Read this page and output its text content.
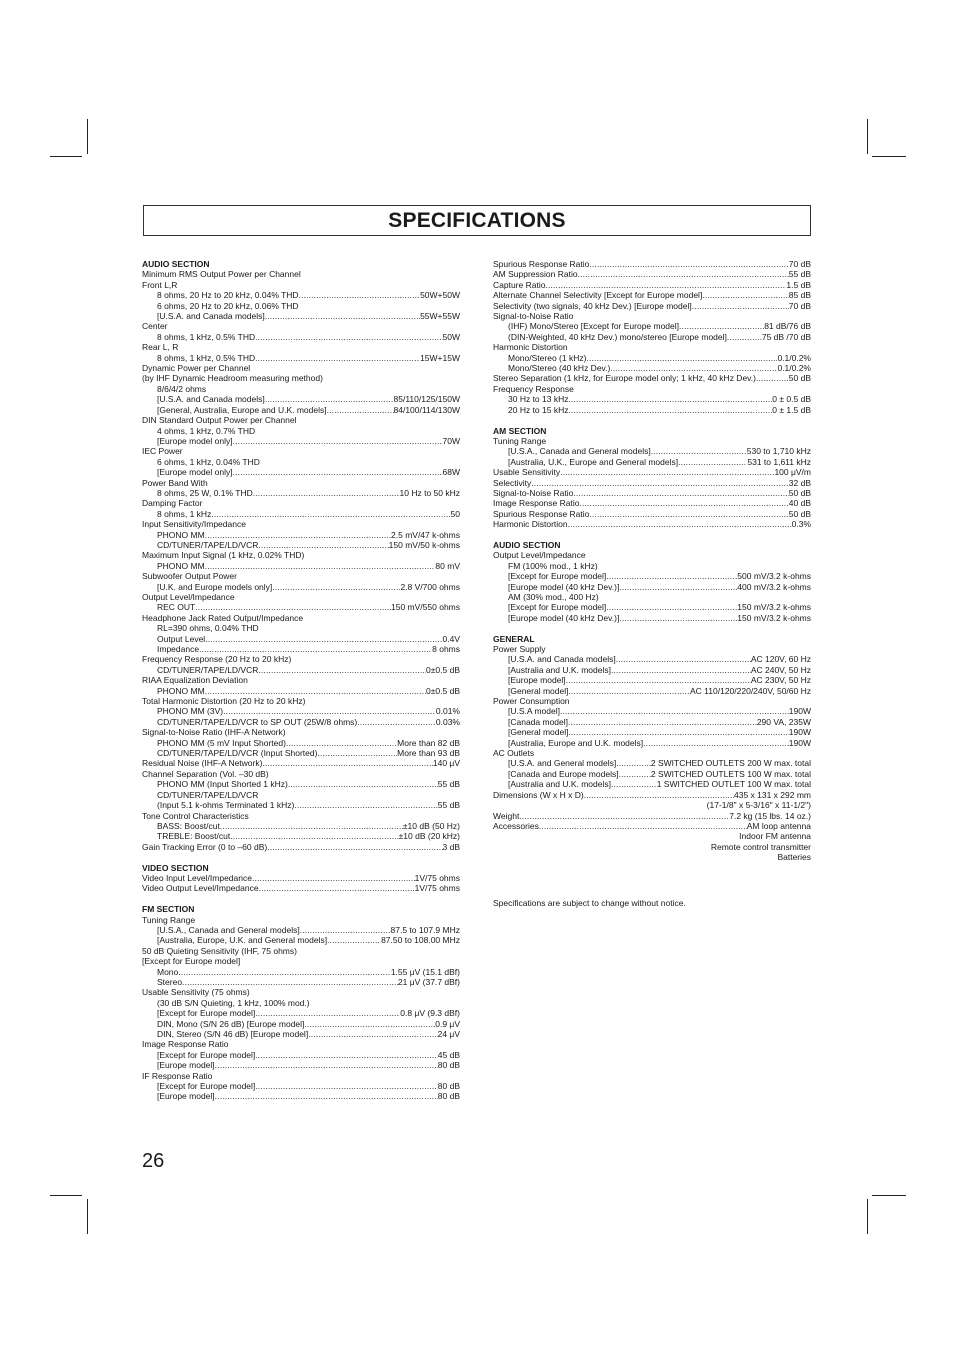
SPECIFICATIONS
AUDIO SECTION
Minimum RMS Output Power per Channel
Front L,R
8 ohms, 20 Hz to 20 kHz, 0.04% THD . . .	50W+50W
6 ohms, 20 Hz to 20 kHz, 0.06% THD
[U.S.A. and Canada models] . . .	55W+55W
Center
8 ohms, 1 kHz, 0.5% THD . . .	50W
Rear L, R
8 ohms, 1 kHz, 0.5% THD . . .	15W+15W
Dynamic Power per Channel
(by IHF Dynamic Headroom measuring method)
8/6/4/2 ohms
[U.S.A. and Canada models] . . .	85/110/125/150W
[General, Australia, Europe and U.K. models] . . .	84/100/114/130W
DIN Standard Output Power per Channel
4 ohms, 1 kHz, 0.7% THD
[Europe model only] . . .	70W
IEC Power
6 ohms, 1 kHz, 0.04% THD
[Europe model only] . . .	68W
Power Band With
8 ohms, 25 W, 0.1% THD . . .	10 Hz to 50 kHz
Damping Factor
8 ohms, 1 kHz . . .	50
Input Sensitivity/Impedance
PHONO MM . . .	2.5 mV/47 k-ohms
CD/TUNER/TAPE/LD/VCR . . .	150 mV/50 k-ohms
Maximum Input Signal (1 kHz, 0.02% THD)
PHONO MM . . .	80 mV
Subwoofer Output Power
[U.K. and Europe models only] . . .	2.8 V/700 ohms
Output Level/Impedance
REC OUT . . .	150 mV/550 ohms
Headphone Jack Rated Output/Impedance
RL=390 ohms, 0.04% THD
Output Level . . .	0.4V
Impedance . . .	8 ohms
Frequency Response (20 Hz to 20 kHz)
CD/TUNER/TAPE/LD/VCR . . .	0±0.5 dB
RIAA Equalization Deviation
PHONO MM . . .	0±0.5 dB
Total Harmonic Distortion (20 Hz to 20 kHz)
PHONO MM (3V) . . .	0.01%
CD/TUNER/TAPE/LD/VCR to SP OUT (25W/8 ohms) . . .	0.03%
Signal-to-Noise Ratio (IHF-A Network)
PHONO MM (5 mV Input Shorted) . . .	More than 82 dB
CD/TUNER/TAPE/LD/VCR (Input Shorted) . . .	More than 93 dB
Residual Noise (IHF-A Network) . . .	140 μV
Channel Separation (Vol. –30 dB)
PHONO MM (Input Shorted 1 kHz) . . .	55 dB
CD/TUNER/TAPE/LD/VCR
(Input 5.1 k-ohms Terminated 1 kHz) . . .	55 dB
Tone Control Characteristics
BASS: Boost/cut . . .	±10 dB (50 Hz)
TREBLE: Boost/cut . . .	±10 dB (20 kHz)
Gain Tracking Error (0 to –60 dB) . . .	3 dB
VIDEO SECTION
Video Input Level/Impedance . . .	1V/75 ohms
Video Output Level/Impedance . . .	1V/75 ohms
FM SECTION
Tuning Range
[U.S.A., Canada and General models] . . .	87.5 to 107.9 MHz
[Australia, Europe, U.K. and General models] . . .	87.50 to 108.00 MHz
50 dB Quieting Sensitivity (IHF, 75 ohms)
[Except for Europe model]
Mono . . .	1.55 μV (15.1 dBf)
Stereo . . .	21 μV (37.7 dBf)
Usable Sensitivity (75 ohms)
(30 dB S/N Quieting, 1 kHz, 100% mod.)
[Except for Europe model] . . .	0.8 μV (9.3 dBf)
DIN, Mono (S/N 26 dB) [Europe model] . . .	0.9 μV
DIN, Stereo (S/N 46 dB) [Europe model] . . .	24 μV
Image Response Ratio
[Except for Europe model] . . .	45 dB
[Europe model] . . .	80 dB
IF Response Ratio
[Except for Europe model] . . .	80 dB
[Europe model] . . .	80 dB
Spurious Response Ratio . . .	70 dB
AM Suppression Ratio . . .	55 dB
Capture Ratio . . .	1.5 dB
Alternate Channel Selectivity [Except for Europe model] . . .	85 dB
Selectivity (two signals, 40 kHz Dev.) [Europe model] . . .	70 dB
Signal-to-Noise Ratio
(IHF) Mono/Stereo [Except for Europe model] . . .	81 dB/76 dB
(DIN-Weighted, 40 kHz Dev.) mono/stereo [Europe model] . . .	75 dB /70 dB
Harmonic Distortion
Mono/Stereo (1 kHz) . . .	0.1/0.2%
Mono/Stereo (40 kHz Dev.) . . .	0.1/0.2%
Stereo Separation (1 kHz, for Europe model only; 1 kHz, 40 kHz Dev.) . . .	50 dB
Frequency Response
30 Hz to 13 kHz . . .	0 ± 0.5 dB
20 Hz to 15 kHz . . .	0 ± 1.5 dB
AM SECTION
Tuning Range
[U.S.A., Canada and General models] . . .	530 to 1,710 kHz
[Australia, U.K., Europe and General models] . . .	531 to 1,611 kHz
Usable Sensitivity . . .	100 μV/m
Selectivity . . .	32 dB
Signal-to-Noise Ratio . . .	50 dB
Image Response Ratio . . .	40 dB
Spurious Response Ratio . . .	50 dB
Harmonic Distortion . . .	0.3%
AUDIO SECTION
Output Level/Impedance
FM (100% mod., 1 kHz)
[Except for Europe model] . . .	500 mV/3.2 k-ohms
[Europe model (40 kHz Dev.)] . . .	400 mV/3.2 k-ohms
AM (30% mod., 400 Hz)
[Except for Europe model] . . .	150 mV/3.2 k-ohms
[Europe model (40 kHz Dev.)] . . .	150 mV/3.2 k-ohms
GENERAL
Power Supply
[U.S.A. and Canada models] . . .	AC 120V, 60 Hz
[Australia and U.K. models] . . .	AC 240V, 50 Hz
[Europe model] . . .	AC 230V, 50 Hz
[General model] . . .	AC 110/120/220/240V, 50/60 Hz
Power Consumption
[U.S.A model] . . .	190W
[Canada model] . . .	290 VA, 235W
[General model] . . .	190W
[Australia, Europe and U.K. models] . . .	190W
AC Outlets
[U.S.A. and General models] . . .	2 SWITCHED OUTLETS 200 W max. total
[Canada and Europe models] . . .	2 SWITCHED OUTLETS 100 W max. total
[Australia and U.K. models] . . .	1 SWITCHED OUTLET 100 W max. total
Dimensions (W x H x D) . . .	435 x 131 x 292 mm
(17-1/8" x 5-3/16" x 11-1/2")
Weight . . .	7.2 kg (15 lbs. 14 oz.)
Accessories . . .	AM loop antenna
Indoor FM antenna
Remote control transmitter
Batteries
Specifications are subject to change without notice.
26
